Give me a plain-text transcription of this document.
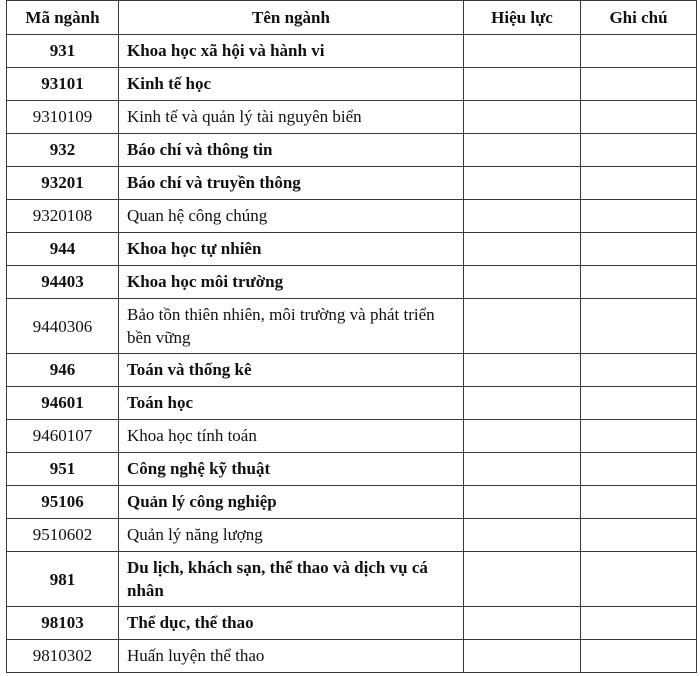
Mã ngành	Tên ngành	Hiệu lực	Ghi chú
931	Khoa học xã hội và hành vi		
93101	Kinh tế học		
9310109	Kinh tế và quản lý tài nguyên biển		
932	Báo chí và thông tin		
93201	Báo chí và truyền thông		
9320108	Quan hệ công chúng		
944	Khoa học tự nhiên		
94403	Khoa học môi trường		
9440306	Bảo tồn thiên nhiên, môi trường và phát triển bền vững		
946	Toán và thống kê		
94601	Toán học		
9460107	Khoa học tính toán		
951	Công nghệ kỹ thuật		
95106	Quản lý công nghiệp		
9510602	Quản lý năng lượng		
981	Du lịch, khách sạn, thể thao và dịch vụ cá nhân		
98103	Thể dục, thể thao		
9810302	Huấn luyện thể thao		
